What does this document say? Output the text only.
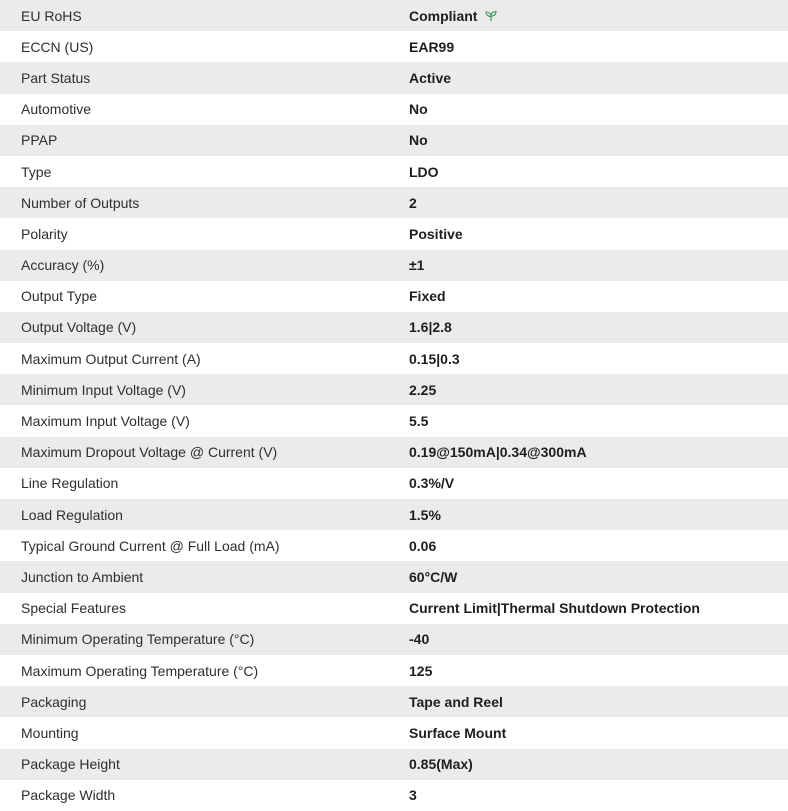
EU RoHS	Compliant
ECCN (US)	EAR99
Part Status	Active
Automotive	No
PPAP	No
Type	LDO
Number of Outputs	2
Polarity	Positive
Accuracy (%)	±1
Output Type	Fixed
Output Voltage (V)	1.6|2.8
Maximum Output Current (A)	0.15|0.3
Minimum Input Voltage (V)	2.25
Maximum Input Voltage (V)	5.5
Maximum Dropout Voltage @ Current (V)	0.19@150mA|0.34@300mA
Line Regulation	0.3%/V
Load Regulation	1.5%
Typical Ground Current @ Full Load (mA)	0.06
Junction to Ambient	60°C/W
Special Features	Current Limit|Thermal Shutdown Protection
Minimum Operating Temperature (°C)	-40
Maximum Operating Temperature (°C)	125
Packaging	Tape and Reel
Mounting	Surface Mount
Package Height	0.85(Max)
Package Width	3
